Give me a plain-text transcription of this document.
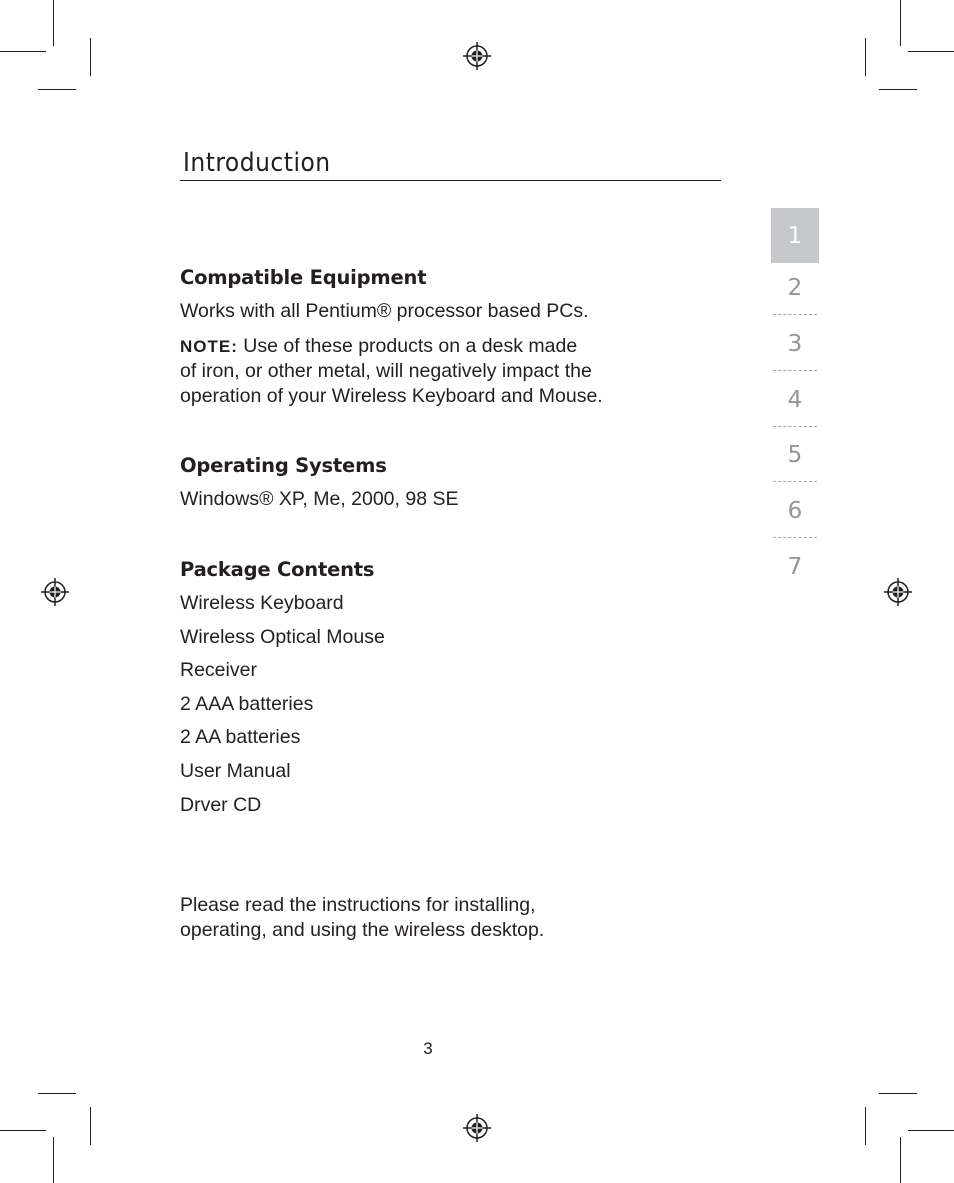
Introduction
Compatible Equipment
Works with all Pentium® processor based PCs.
NOTE: Use of these products on a desk made
of iron, or other metal, will negatively impact the
operation of your Wireless Keyboard and Mouse.
Operating Systems
Windows® XP, Me, 2000, 98 SE
Package Contents
Wireless Keyboard
Wireless Optical Mouse
Receiver
2 AAA batteries
2 AA batteries
User Manual
Drver CD
Please read the instructions for installing,
operating, and using the wireless desktop.
3
1
2
3
4
5
6
7
